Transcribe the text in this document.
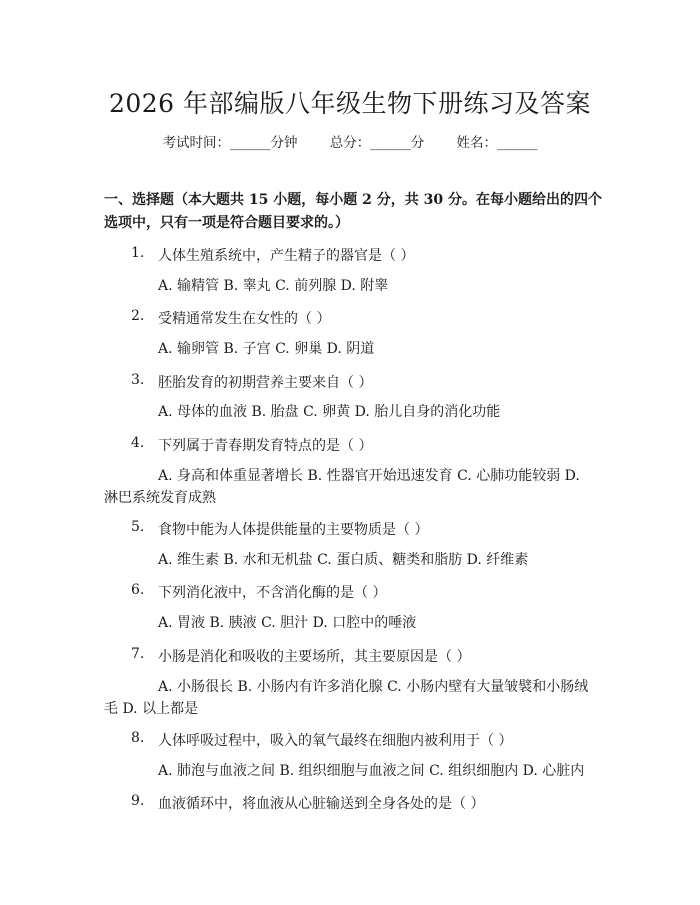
2026 年部编版八年级生物下册练习及答案
考试时间：______分钟 总分：______分 姓名：______
一、选择题（本大题共 15 小题，每小题 2 分，共 30 分。在每小题给出的四个选项中，只有一项是符合题目要求的。）
1. 人体生殖系统中，产生精子的器官是（ ）
A. 输精管 B. 睾丸 C. 前列腺 D. 附睾
2. 受精通常发生在女性的（ ）
A. 输卵管 B. 子宫 C. 卵巢 D. 阴道
3. 胚胎发育的初期营养主要来自（ ）
A. 母体的血液 B. 胎盘 C. 卵黄 D. 胎儿自身的消化功能
4. 下列属于青春期发育特点的是（ ）
A. 身高和体重显著增长 B. 性器官开始迅速发育 C. 心肺功能较弱 D. 淋巴系统发育成熟
5. 食物中能为人体提供能量的主要物质是（ ）
A. 维生素 B. 水和无机盐 C. 蛋白质、糖类和脂肪 D. 纤维素
6. 下列消化液中，不含消化酶的是（ ）
A. 胃液 B. 胰液 C. 胆汁 D. 口腔中的唾液
7. 小肠是消化和吸收的主要场所，其主要原因是（ ）
A. 小肠很长 B. 小肠内有许多消化腺 C. 小肠内壁有大量皱襞和小肠绒毛 D. 以上都是
8. 人体呼吸过程中，吸入的氧气最终在细胞内被利用于（ ）
A. 肺泡与血液之间 B. 组织细胞与血液之间 C. 组织细胞内 D. 心脏内
9. 血液循环中，将血液从心脏输送到全身各处的是（ ）
